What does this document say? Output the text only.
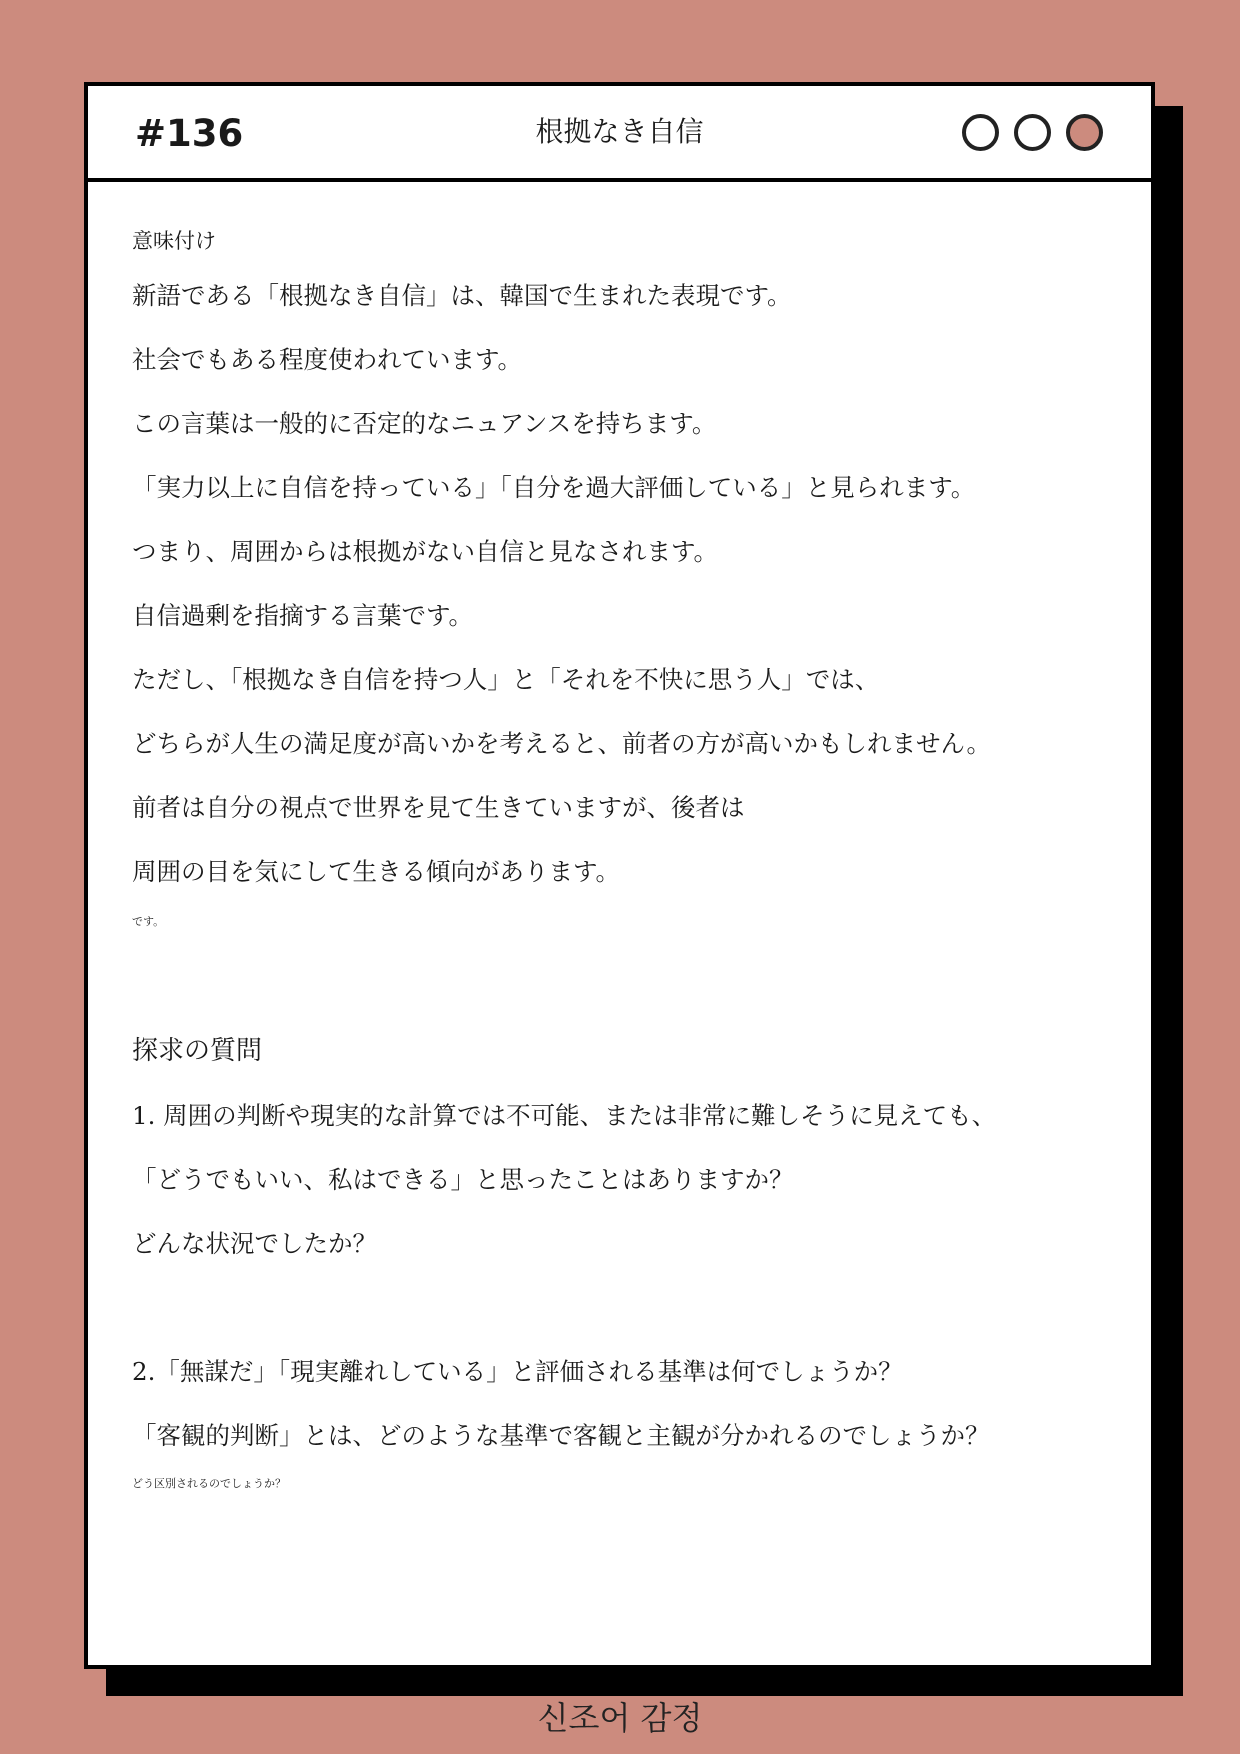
#136	根拠なき自信

意味付け

新語である「根拠なき自信」は、韓国で生まれた表現です。

社会でもある程度使われています。

この言葉は一般的に否定的なニュアンスを持ちます。

「実力以上に自信を持っている」「自分を過大評価している」と見られます。

つまり、周囲からは根拠がない自信と見なされます。

自信過剰を指摘する言葉です。

ただし、「根拠なき自信を持つ人」と「それを不快に思う人」では、

どちらが人生の満足度が高いかを考えると、前者の方が高いかもしれません。

前者は自分の視点で世界を見て生きていますが、後者は

周囲の目を気にして生きる傾向があります。

です。

探求の質問

1. 周囲の判断や現実的な計算では不可能、または非常に難しそうに見えても、

「どうでもいい、私はできる」と思ったことはありますか？

どんな状況でしたか？

2.「無謀だ」「現実離れしている」と評価される基準は何でしょうか？

「客観的判断」とは、どのような基準で客観と主観が分かれるのでしょうか？

どう区別されるのでしょうか？

신조어 감정
